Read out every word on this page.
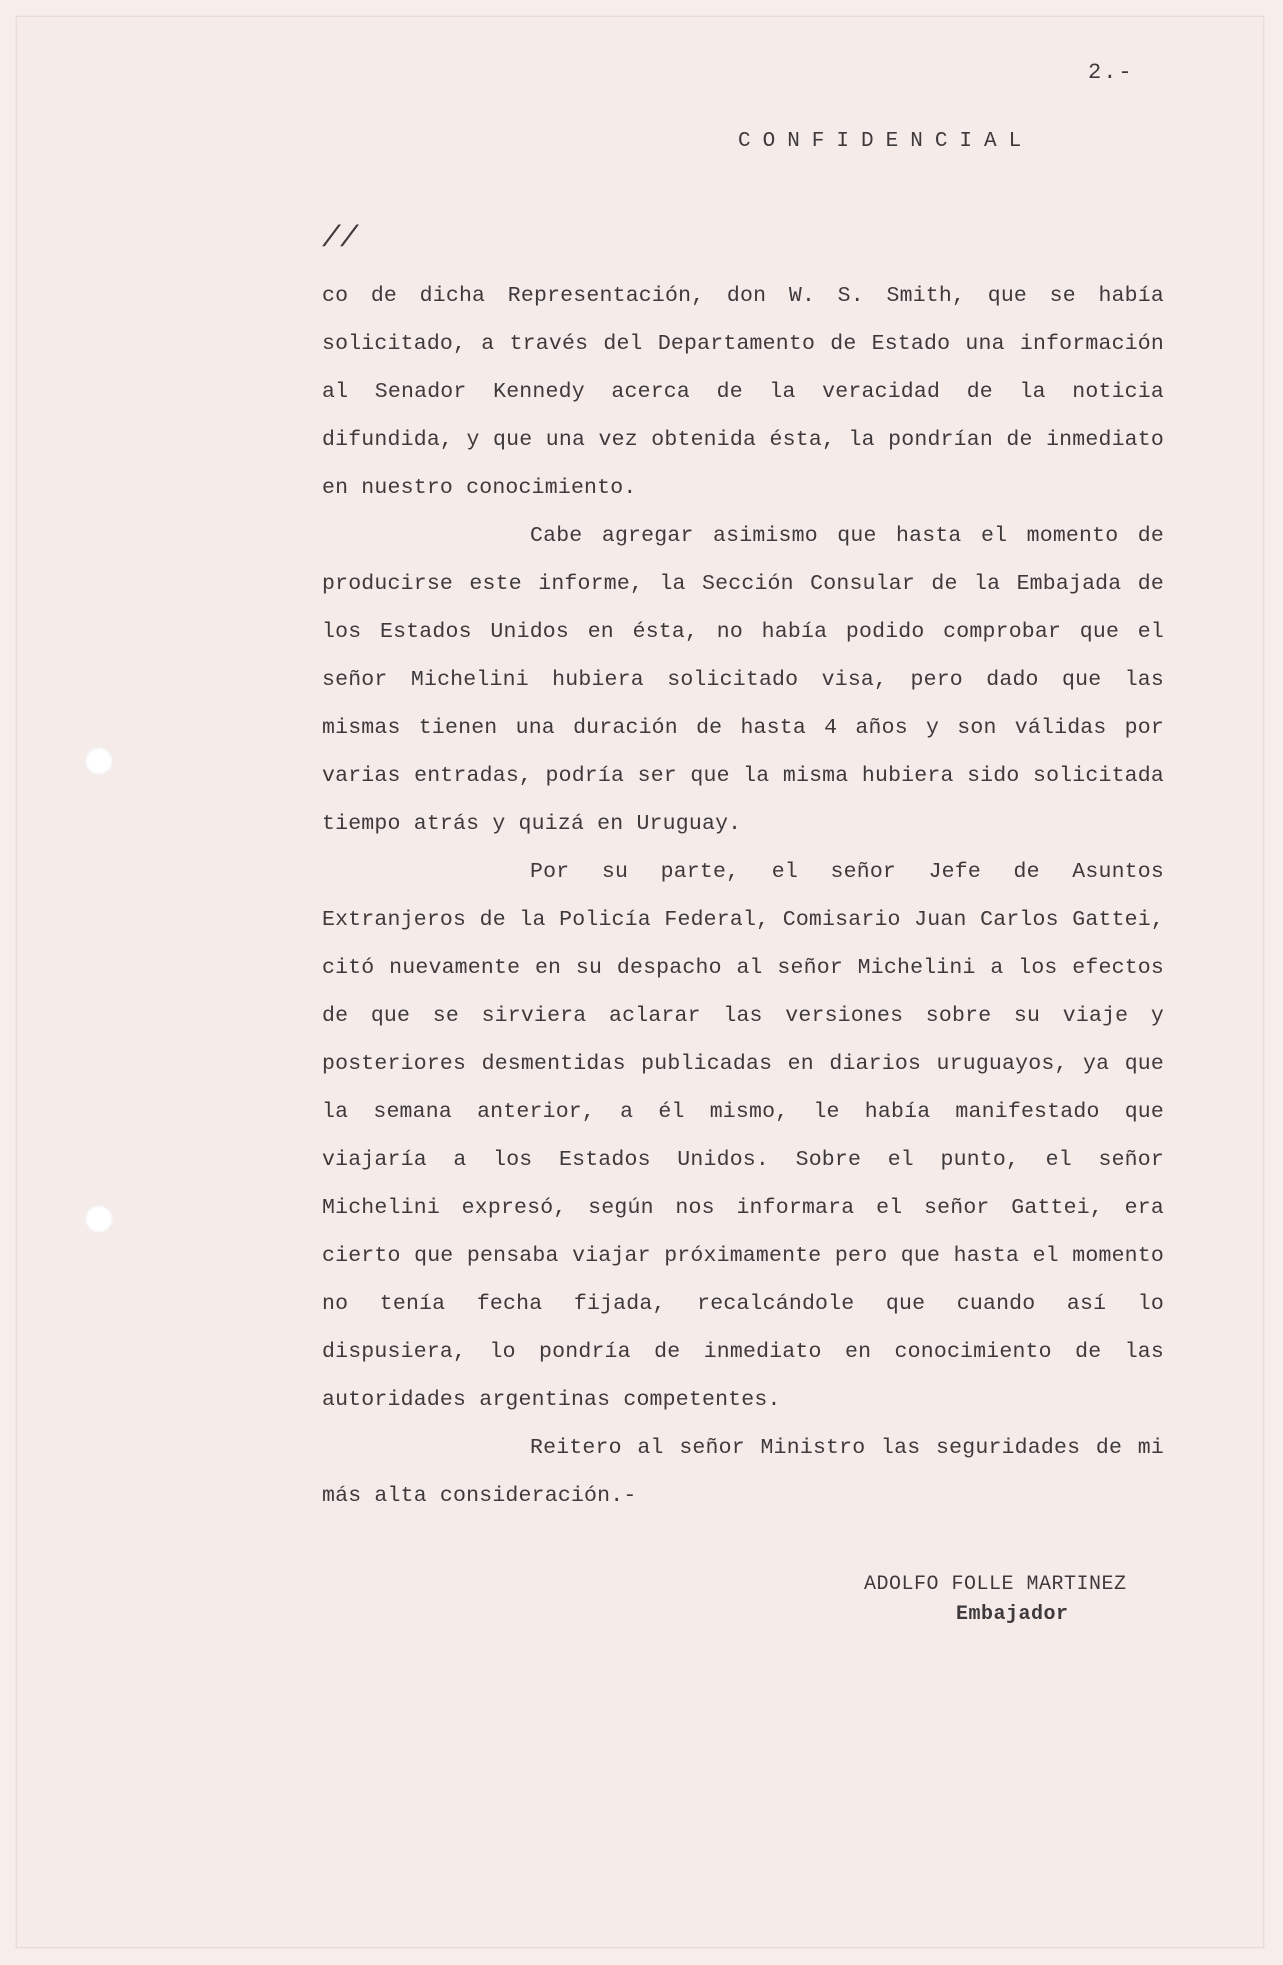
2.-
CONFIDENCIAL
//

co de dicha Representación, don W. S. Smith, que se había solicitado, a través del Departamento de Estado una información al Senador Kennedy acerca de la veracidad de la noticia difundida, y que una vez obtenida ésta, la pondrían de inmediato en nuestro conocimiento.

Cabe agregar asimismo que hasta el momento de producirse este informe, la Sección Consular de la Embajada de los Estados Unidos en ésta, no había podido comprobar que el señor Michelini hubiera solicitado visa, pero dado que las mismas tienen una duración de hasta 4 años y son válidas por varias entradas, podría ser que la misma hubiera sido solicitada tiempo atrás y quizá en Uruguay.

Por su parte, el señor Jefe de Asuntos Extranjeros de la Policía Federal, Comisario Juan Carlos Gattei, citó nuevamente en su despacho al señor Michelini a los efectos de que se sirviera aclarar las versiones sobre su viaje y posteriores desmentidas publicadas en diarios uruguayos, ya que la semana anterior, a él mismo, le había manifestado que viajaría a los Estados Unidos. Sobre el punto, el señor Michelini expresó, según nos informara el señor Gattei, era cierto que pensaba viajar próximamente pero que hasta el momento no tenía fecha fijada, recalcándole que cuando así lo dispusiera, lo pondría de inmediato en conocimiento de las autoridades argentinas competentes.

Reitero al señor Ministro las seguridades de mi más alta consideración.-

ADOLFO FOLLE MARTINEZ
Embajador
